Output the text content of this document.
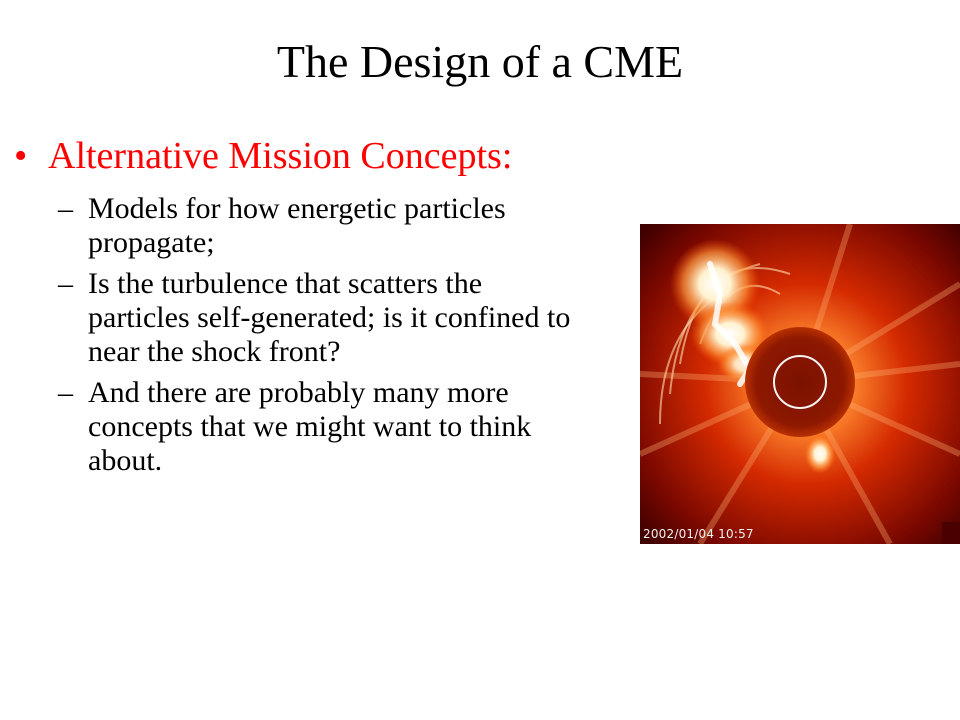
The Design of a CME
• Alternative Mission Concepts:
– Models for how energetic particles propagate;
– Is the turbulence that scatters the particles self-generated; is it confined to near the shock front?
– And there are probably many more concepts that we might want to think about.
2002/01/04 10:57
